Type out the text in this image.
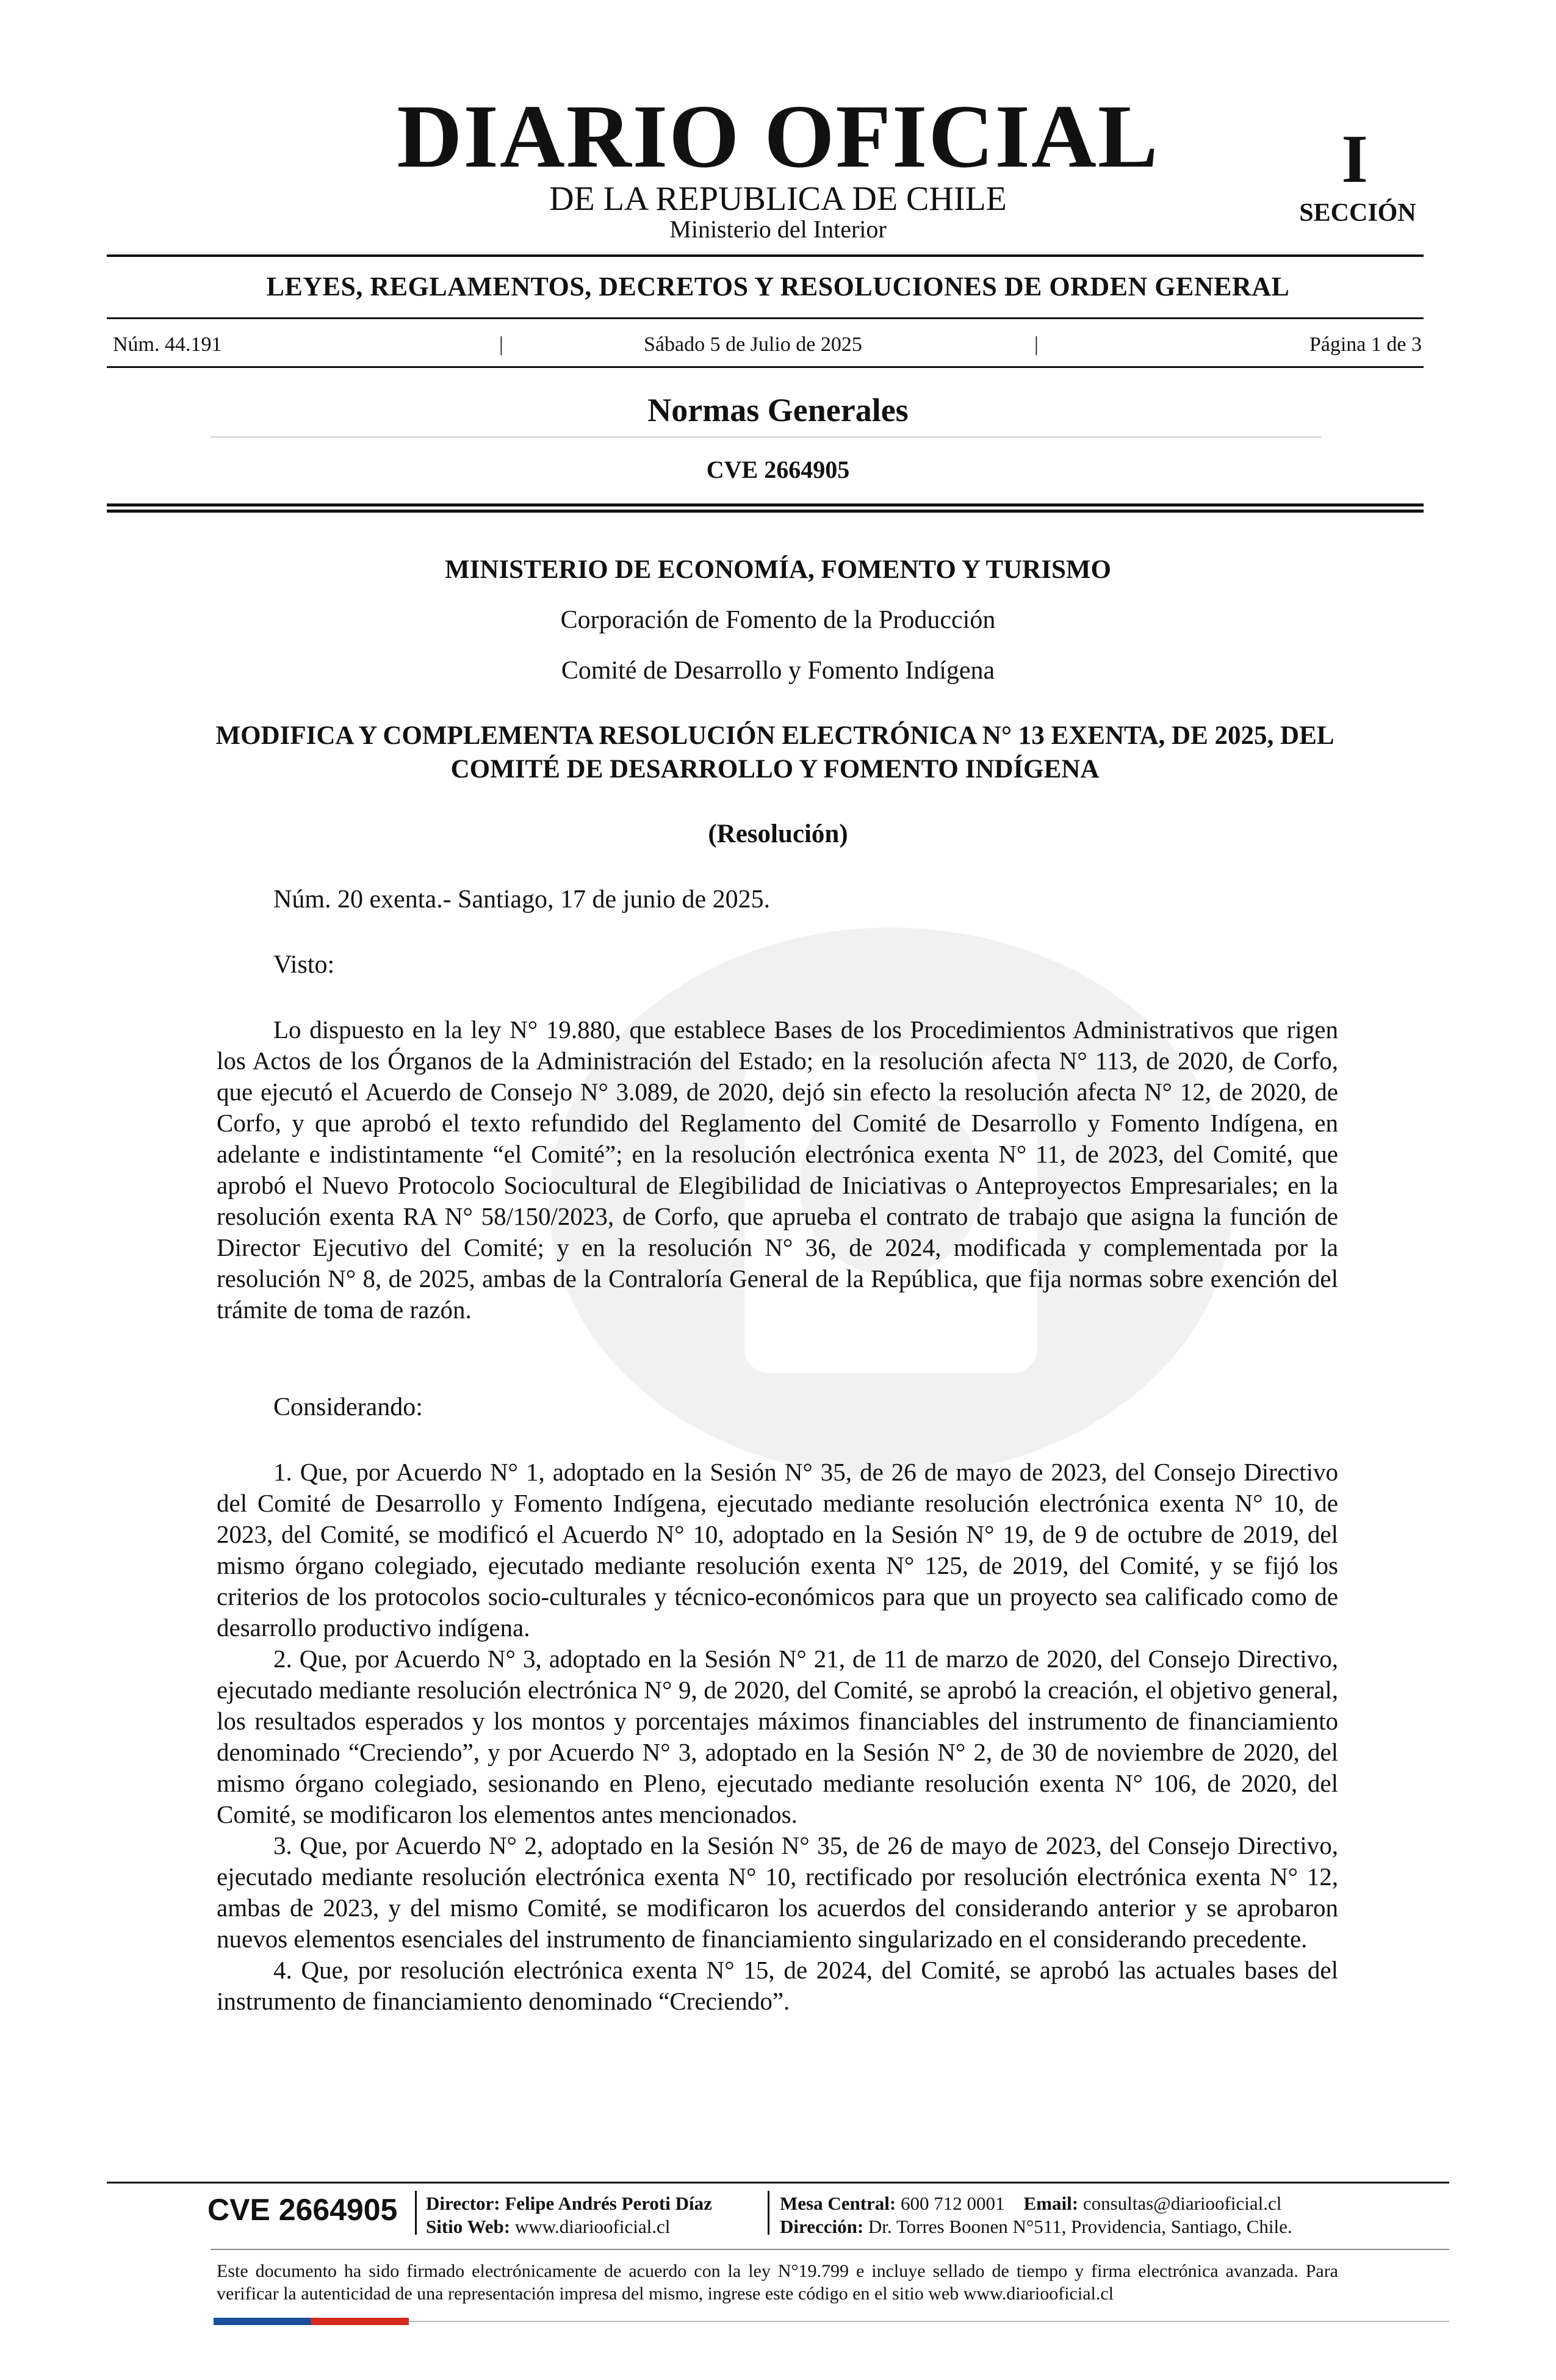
DIARIO OFICIAL
DE LA REPUBLICA DE CHILE
Ministerio del Interior
I
SECCIÓN
LEYES, REGLAMENTOS, DECRETOS Y RESOLUCIONES DE ORDEN GENERAL
Núm. 44.191	|	Sábado 5 de Julio de 2025	|	Página 1 de 3
Normas Generales
CVE 2664905
MINISTERIO DE ECONOMÍA, FOMENTO Y TURISMO
Corporación de Fomento de la Producción
Comité de Desarrollo y Fomento Indígena
MODIFICA Y COMPLEMENTA RESOLUCIÓN ELECTRÓNICA N° 13 EXENTA, DE 2025, DEL COMITÉ DE DESARROLLO Y FOMENTO INDÍGENA
(Resolución)
Núm. 20 exenta.- Santiago, 17 de junio de 2025.
Visto:

Lo dispuesto en la ley N° 19.880, que establece Bases de los Procedimientos Administrativos que rigen los Actos de los Órganos de la Administración del Estado; en la resolución afecta N° 113, de 2020, de Corfo, que ejecutó el Acuerdo de Consejo N° 3.089, de 2020, dejó sin efecto la resolución afecta N° 12, de 2020, de Corfo, y que aprobó el texto refundido del Reglamento del Comité de Desarrollo y Fomento Indígena, en adelante e indistintamente “el Comité”; en la resolución electrónica exenta N° 11, de 2023, del Comité, que aprobó el Nuevo Protocolo Sociocultural de Elegibilidad de Iniciativas o Anteproyectos Empresariales; en la resolución exenta RA N° 58/150/2023, de Corfo, que aprueba el contrato de trabajo que asigna la función de Director Ejecutivo del Comité; y en la resolución N° 36, de 2024, modificada y complementada por la resolución N° 8, de 2025, ambas de la Contraloría General de la República, que fija normas sobre exención del trámite de toma de razón.

Considerando:

1. Que, por Acuerdo N° 1, adoptado en la Sesión N° 35, de 26 de mayo de 2023, del Consejo Directivo del Comité de Desarrollo y Fomento Indígena, ejecutado mediante resolución electrónica exenta N° 10, de 2023, del Comité, se modificó el Acuerdo N° 10, adoptado en la Sesión N° 19, de 9 de octubre de 2019, del mismo órgano colegiado, ejecutado mediante resolución exenta N° 125, de 2019, del Comité, y se fijó los criterios de los protocolos socio-culturales y técnico-económicos para que un proyecto sea calificado como de desarrollo productivo indígena.

2. Que, por Acuerdo N° 3, adoptado en la Sesión N° 21, de 11 de marzo de 2020, del Consejo Directivo, ejecutado mediante resolución electrónica N° 9, de 2020, del Comité, se aprobó la creación, el objetivo general, los resultados esperados y los montos y porcentajes máximos financiables del instrumento de financiamiento denominado “Creciendo”, y por Acuerdo N° 3, adoptado en la Sesión N° 2, de 30 de noviembre de 2020, del mismo órgano colegiado, sesionando en Pleno, ejecutado mediante resolución exenta N° 106, de 2020, del Comité, se modificaron los elementos antes mencionados.

3. Que, por Acuerdo N° 2, adoptado en la Sesión N° 35, de 26 de mayo de 2023, del Consejo Directivo, ejecutado mediante resolución electrónica exenta N° 10, rectificado por resolución electrónica exenta N° 12, ambas de 2023, y del mismo Comité, se modificaron los acuerdos del considerando anterior y se aprobaron nuevos elementos esenciales del instrumento de financiamiento singularizado en el considerando precedente.

4. Que, por resolución electrónica exenta N° 15, de 2024, del Comité, se aprobó las actuales bases del instrumento de financiamiento denominado “Creciendo”.

CVE 2664905 Director: Felipe Andrés Peroti Díaz
Sitio Web: www.diariooficial.cl
Mesa Central: 600 712 0001 Email: consultas@diariooficial.cl
Dirección: Dr. Torres Boonen N°511, Providencia, Santiago, Chile.
Este documento ha sido firmado electrónicamente de acuerdo con la ley N°19.799 e incluye sellado de tiempo y firma electrónica avanzada. Para verificar la autenticidad de una representación impresa del mismo, ingrese este código en el sitio web www.diariooficial.cl
